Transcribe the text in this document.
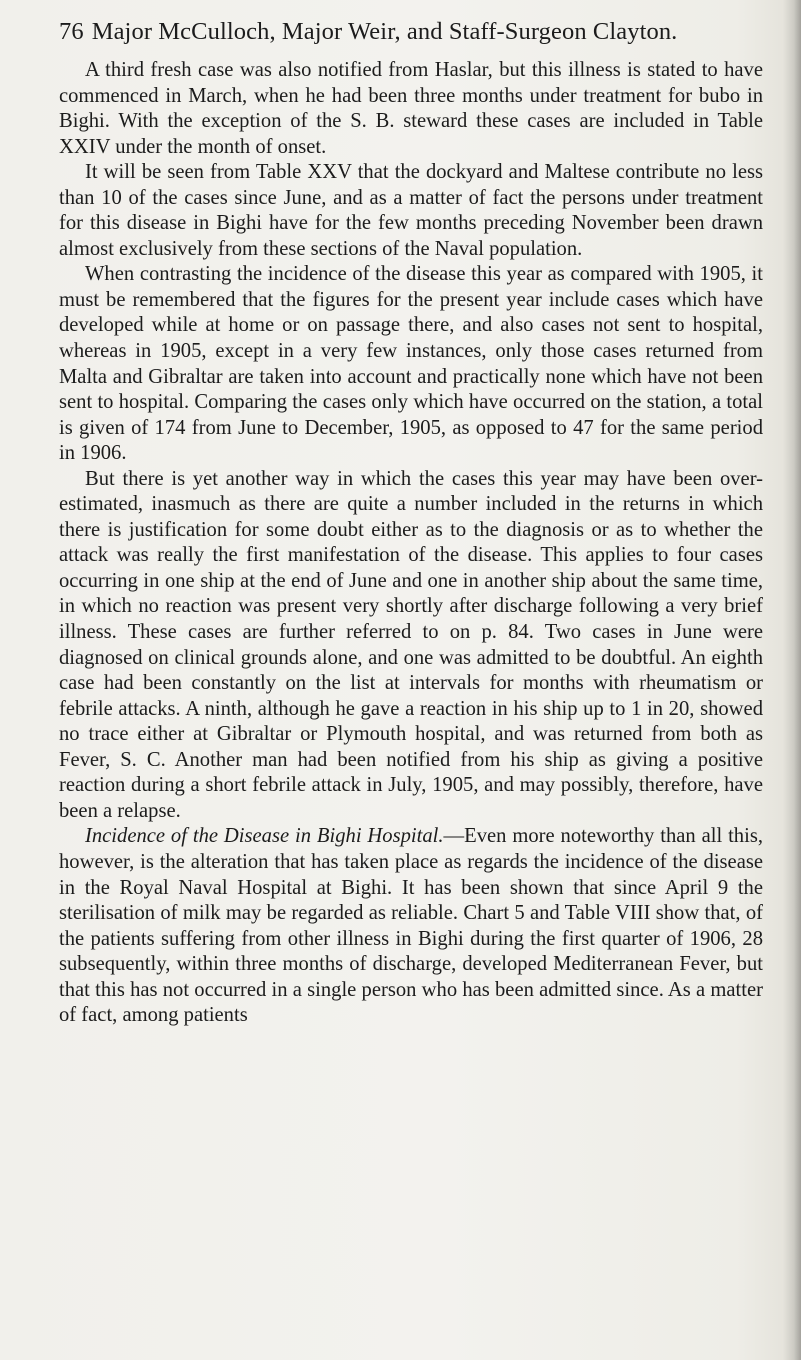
76 Major McCulloch, Major Weir, and Staff-Surgeon Clayton.

A third fresh case was also notified from Haslar, but this illness is stated to have commenced in March, when he had been three months under treatment for bubo in Bighi. With the exception of the S. B. steward these cases are included in Table XXIV under the month of onset.

It will be seen from Table XXV that the dockyard and Maltese contribute no less than 10 of the cases since June, and as a matter of fact the persons under treatment for this disease in Bighi have for the few months preceding November been drawn almost exclusively from these sections of the Naval population.

When contrasting the incidence of the disease this year as compared with 1905, it must be remembered that the figures for the present year include cases which have developed while at home or on passage there, and also cases not sent to hospital, whereas in 1905, except in a very few instances, only those cases returned from Malta and Gibraltar are taken into account and practically none which have not been sent to hospital. Comparing the cases only which have occurred on the station, a total is given of 174 from June to December, 1905, as opposed to 47 for the same period in 1906.

But there is yet another way in which the cases this year may have been over-estimated, inasmuch as there are quite a number included in the returns in which there is justification for some doubt either as to the diagnosis or as to whether the attack was really the first manifestation of the disease. This applies to four cases occurring in one ship at the end of June and one in another ship about the same time, in which no reaction was present very shortly after discharge following a very brief illness. These cases are further referred to on p. 84. Two cases in June were diagnosed on clinical grounds alone, and one was admitted to be doubtful. An eighth case had been constantly on the list at intervals for months with rheumatism or febrile attacks. A ninth, although he gave a reaction in his ship up to 1 in 20, showed no trace either at Gibraltar or Plymouth hospital, and was returned from both as Fever, S. C. Another man had been notified from his ship as giving a positive reaction during a short febrile attack in July, 1905, and may possibly, therefore, have been a relapse.

Incidence of the Disease in Bighi Hospital.—Even more noteworthy than all this, however, is the alteration that has taken place as regards the incidence of the disease in the Royal Naval Hospital at Bighi. It has been shown that since April 9 the sterilisation of milk may be regarded as reliable. Chart 5 and Table VIII show that, of the patients suffering from other illness in Bighi during the first quarter of 1906, 28 subsequently, within three months of discharge, developed Mediterranean Fever, but that this has not occurred in a single person who has been admitted since. As a matter of fact, among patients
